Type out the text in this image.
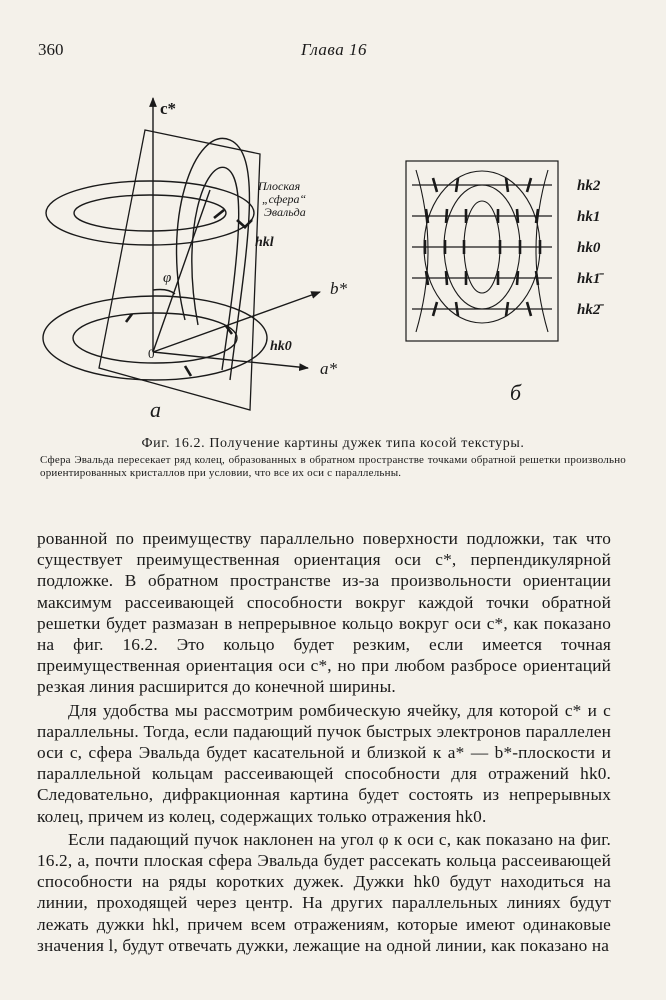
360	Глава 16
c*
b*
a*
0
φ
Плоская
„сфера“
Эвальда
hkl
hk0
a
hk2
hk1
hk0
hk1̄
hk2̄
б
Фиг. 16.2. Получение картины дужек типа косой текстуры.
Сфера Эвальда пересекает ряд колец, образованных в обратном пространстве точками обратной решетки произвольно ориентированных кристаллов при условии, что все их оси с параллельны.

рованной по преимуществу параллельно поверхности подложки, так что существует преимущественная ориентация оси c*, перпендикулярной подложке. В обратном пространстве из-за произвольности ориентации максимум рассеивающей способности вокруг каждой точки обратной решетки будет размазан в непрерывное кольцо вокруг оси c*, как показано на фиг. 16.2. Это кольцо будет резким, если имеется точная преимущественная ориентация оси c*, но при любом разбросе ориентаций резкая линия расширится до конечной ширины.

Для удобства мы рассмотрим ромбическую ячейку, для которой c* и c параллельны. Тогда, если падающий пучок быстрых электронов параллелен оси c, сфера Эвальда будет касательной и близкой к a* — b*-плоскости и параллельной кольцам рассеивающей способности для отражений hk0. Следовательно, дифракционная картина будет состоять из непрерывных колец, причем из колец, содержащих только отражения hk0.

Если падающий пучок наклонен на угол φ к оси c, как показано на фиг. 16.2, a, почти плоская сфера Эвальда будет рассекать кольца рассеивающей способности на ряды коротких дужек. Дужки hk0 будут находиться на линии, проходящей через центр. На других параллельных линиях будут лежать дужки hkl, причем всем отражениям, которые имеют одинаковые значения l, будут отвечать дужки, лежащие на одной линии, как показано на
